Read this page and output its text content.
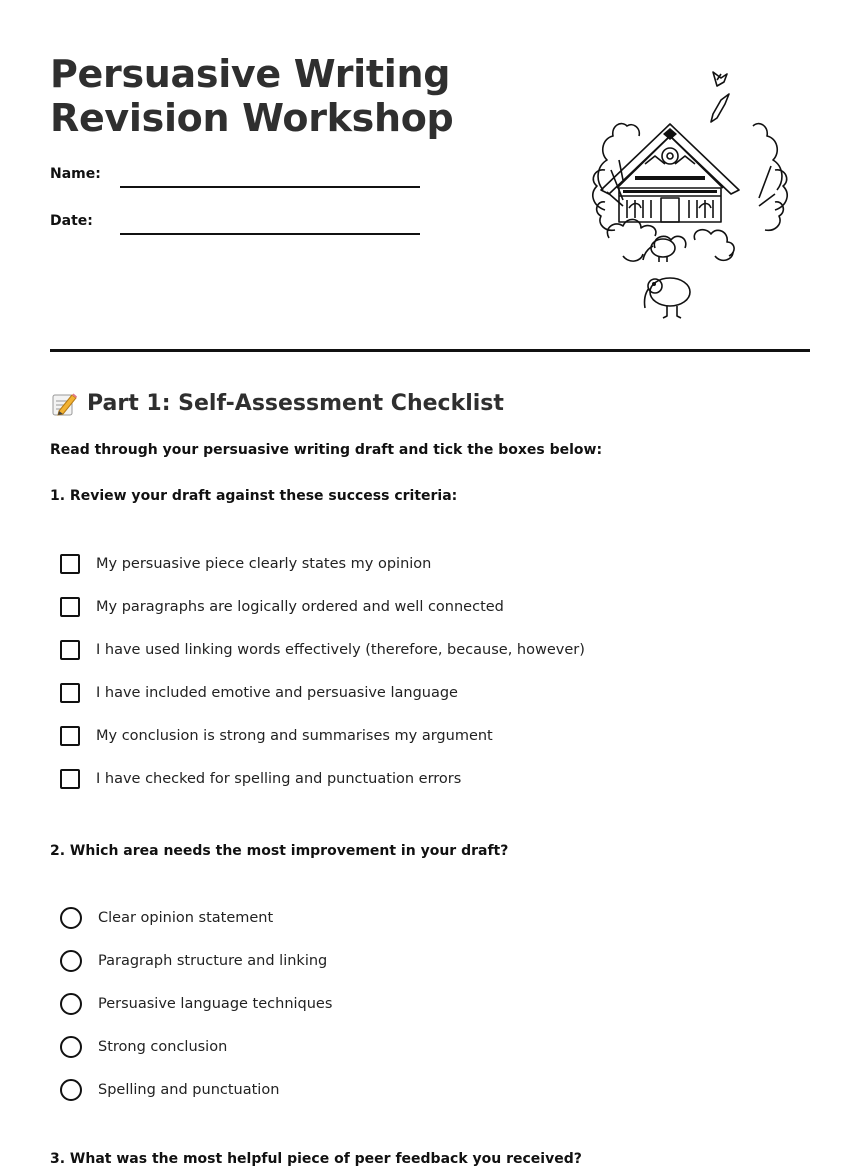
Persuasive Writing
Revision Workshop
Name:
Date:
Part 1: Self-Assessment Checklist

Read through your persuasive writing draft and tick the boxes below:

1. Review your draft against these success criteria:

My persuasive piece clearly states my opinion
My paragraphs are logically ordered and well connected
I have used linking words effectively (therefore, because, however)
I have included emotive and persuasive language
My conclusion is strong and summarises my argument
I have checked for spelling and punctuation errors

2. Which area needs the most improvement in your draft?

Clear opinion statement
Paragraph structure and linking
Persuasive language techniques
Strong conclusion
Spelling and punctuation

3. What was the most helpful piece of peer feedback you received?
